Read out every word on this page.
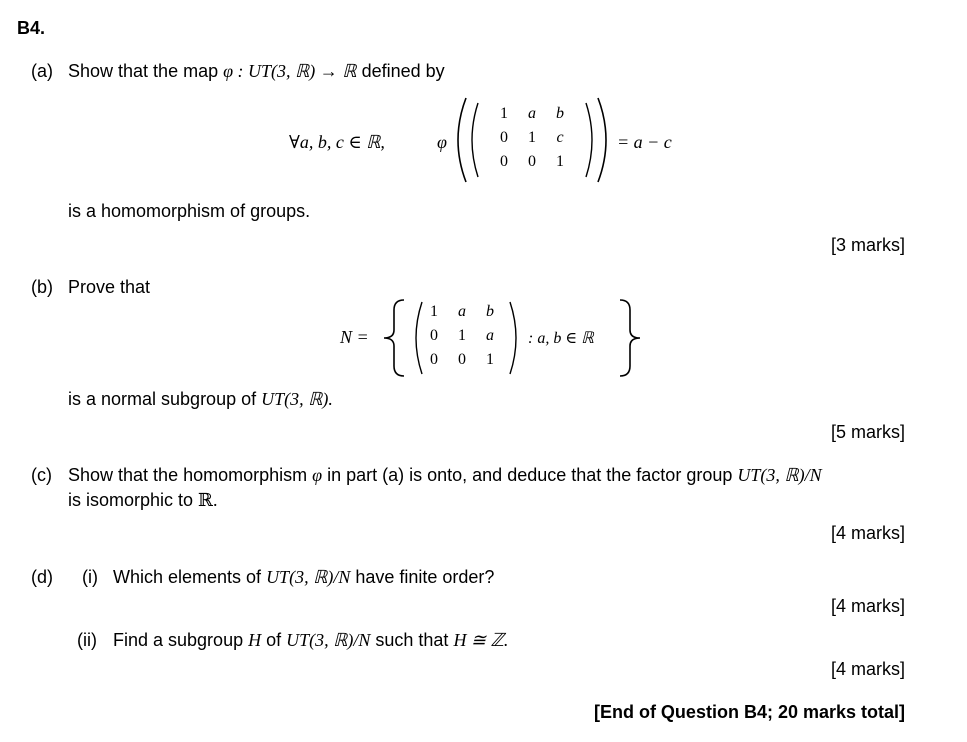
B4.
(a) Show that the map φ : UT(3, ℝ) → ℝ defined by
∀a, b, c ∈ ℝ,	φ
1	a	b
0	1	c
0	0	1
= a − c
is a homomorphism of groups.
[3 marks]
(b) Prove that
N =
1	a	b
0	1	a
0	0	1
: a, b ∈ ℝ
is a normal subgroup of UT(3, ℝ).
[5 marks]
(c) Show that the homomorphism φ in part (a) is onto, and deduce that the factor group UT(3, ℝ)/N
is isomorphic to ℝ.
[4 marks]
(d) (i) Which elements of UT(3, ℝ)/N have finite order?
[4 marks]
(ii) Find a subgroup H of UT(3, ℝ)/N such that H ≅ ℤ.
[4 marks]
[End of Question B4; 20 marks total]
